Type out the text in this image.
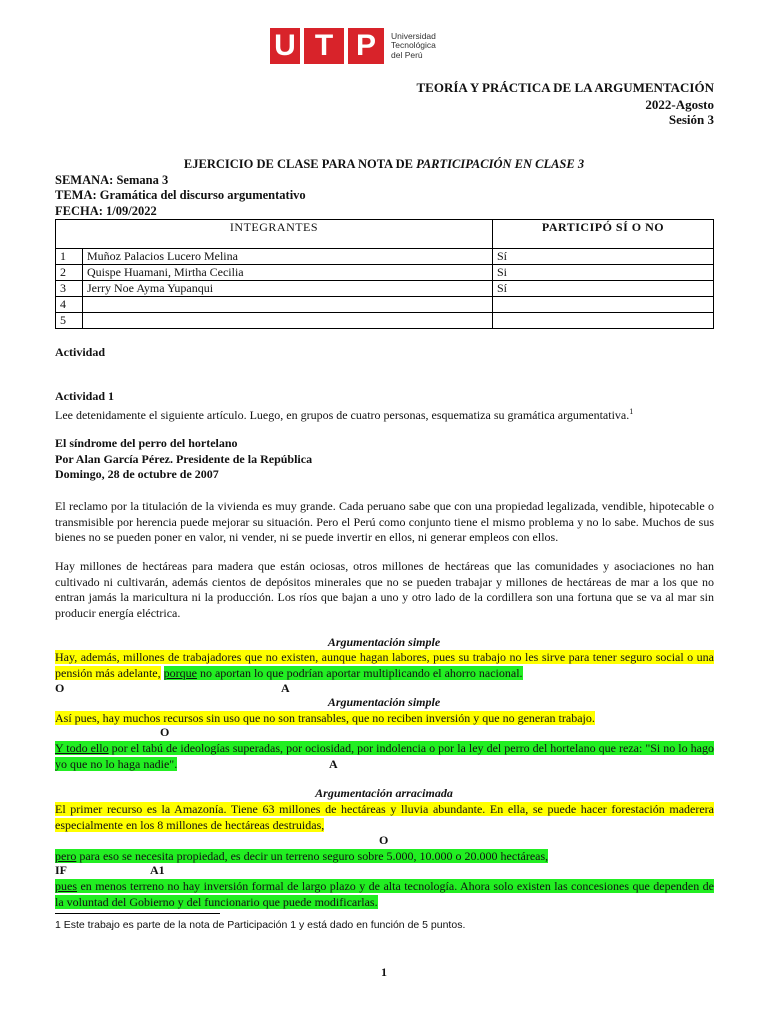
U T P	Universidad
Tecnológica
del Perú
TEORÍA Y PRÁCTICA DE LA ARGUMENTACIÓN
2022-Agosto
Sesión 3
EJERCICIO DE CLASE PARA NOTA DE PARTICIPACIÓN EN CLASE 3
SEMANA: Semana 3
TEMA: Gramática del discurso argumentativo
FECHA: 1/09/2022
INTEGRANTES		PARTICIPÓ SÍ O NO
1	Muñoz Palacios Lucero Melina	Sí
2	Quispe Huamani, Mirtha Cecilia	Si
3	Jerry Noe Ayma Yupanqui	Sí
4		
5		
Actividad
Actividad 1
Lee detenidamente el siguiente artículo. Luego, en grupos de cuatro personas, esquematiza su gramática argumentativa.$^1$
El síndrome del perro del hortelano
Por Alan García Pérez. Presidente de la República
Domingo, 28 de octubre de 2007
El reclamo por la titulación de la vivienda es muy grande. Cada peruano sabe que con una propiedad legalizada, vendible, hipotecable o transmisible por herencia puede mejorar su situación. Pero el Perú como conjunto tiene el mismo problema y no lo sabe. Muchos de sus bienes no se pueden poner en valor, ni vender, ni se puede invertir en ellos, ni generar empleos con ellos.
Hay millones de hectáreas para madera que están ociosas, otros millones de hectáreas que las comunidades y asociaciones no han cultivado ni cultivarán, además cientos de depósitos minerales que no se pueden trabajar y millones de hectáreas de mar a los que no entran jamás la maricultura ni la producción. Los ríos que bajan a uno y otro lado de la cordillera son una fortuna que se va al mar sin producir energía eléctrica.
Argumentación simple
Hay, además, millones de trabajadores que no existen, aunque hagan labores, pues su trabajo no les sirve para tener seguro social o una pensión más adelante, porque no aportan lo que podrían aportar multiplicando el ahorro nacional.
O	A
Argumentación simple
Así pues, hay muchos recursos sin uso que no son transables, que no reciben inversión y que no generan trabajo.
O
Y todo ello por el tabú de ideologías superadas, por ociosidad, por indolencia o por la ley del perro del hortelano que reza: "Si no lo hago yo que no lo haga nadie".	A
Argumentación arracimada
El primer recurso es la Amazonía. Tiene 63 millones de hectáreas y lluvia abundante. En ella, se puede hacer forestación maderera especialmente en los 8 millones de hectáreas destruidas,
O
pero para eso se necesita propiedad, es decir un terreno seguro sobre 5.000, 10.000 o 20.000 hectáreas,
IF	A1
pues en menos terreno no hay inversión formal de largo plazo y de alta tecnología. Ahora solo existen las concesiones que dependen de la voluntad del Gobierno y del funcionario que puede modificarlas.
1 Este trabajo es parte de la nota de Participación 1 y está dado en función de 5 puntos.
1
